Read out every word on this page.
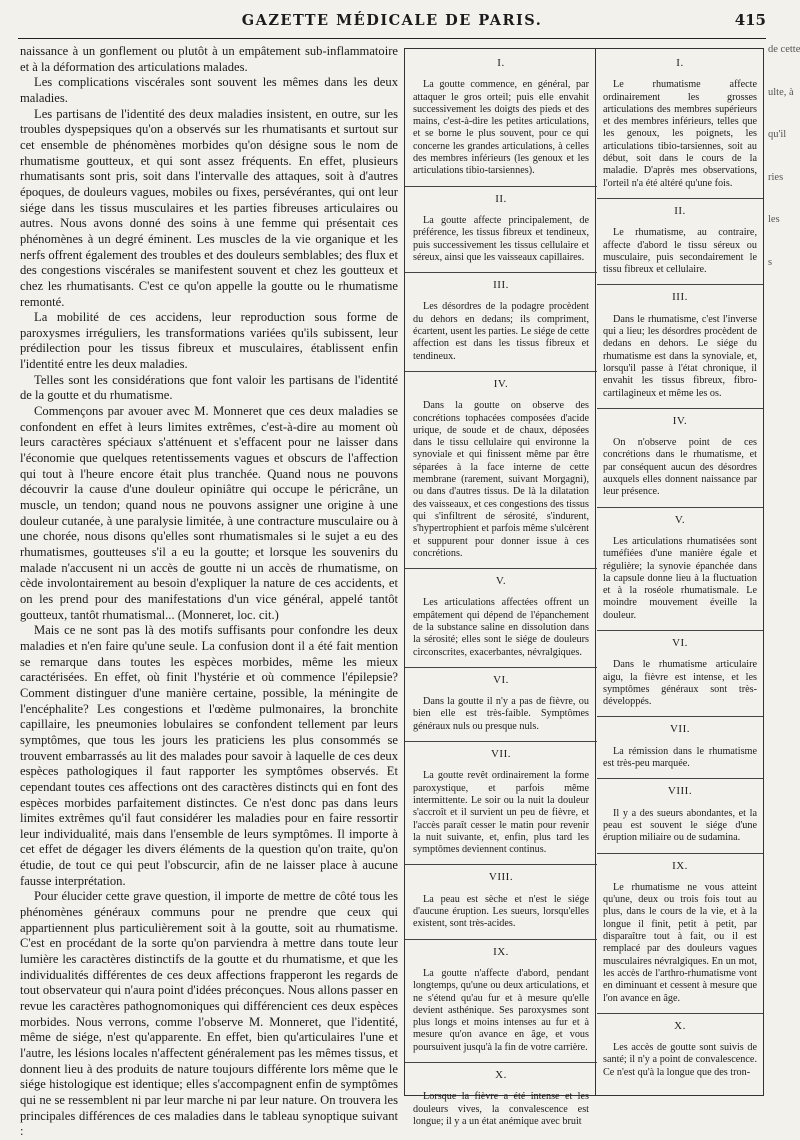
GAZETTE MÉDICALE DE PARIS.	415

naissance à un gonflement ou plutôt à un empâtement sub-inflammatoire et à la déformation des articulations malades.

Les complications viscérales sont souvent les mêmes dans les deux maladies.

Les partisans de l'identité des deux maladies insistent, en outre, sur les troubles dyspepsiques qu'on a observés sur les rhumatisants et surtout sur cet ensemble de phénomènes morbides qu'on désigne sous le nom de rhumatisme goutteux, et qui sont assez fréquents. En effet, plusieurs rhumatisants sont pris, soit dans l'intervalle des attaques, soit à d'autres époques, de douleurs vagues, mobiles ou fixes, persévérantes, qui ont leur siége dans les tissus musculaires et les parties fibreuses articulaires ou autres. Nous avons donné des soins à une femme qui présentait ces phénomènes à un degré éminent. Les muscles de la vie organique et les nerfs offrent également des troubles et des douleurs semblables; des flux et des congestions viscérales se manifestent souvent et chez les goutteux et chez les rhumatisants. C'est ce qu'on appelle la goutte ou le rhumatisme remonté.

La mobilité de ces accidens, leur reproduction sous forme de paroxysmes irréguliers, les transformations variées qu'ils subissent, leur prédilection pour les tissus fibreux et musculaires, établissent enfin l'identité entre les deux maladies.

Telles sont les considérations que font valoir les partisans de l'identité de la goutte et du rhumatisme.

Commençons par avouer avec M. Monneret que ces deux maladies se confondent en effet à leurs limites extrêmes, c'est-à-dire au moment où leurs caractères spéciaux s'atténuent et s'effacent pour ne laisser dans l'économie que quelques retentissements vagues et obscurs de l'affection qui tout à l'heure encore était plus tranchée. Quand nous ne pouvons découvrir la cause d'une douleur opiniâtre qui occupe le péricrâne, un muscle, un tendon; quand nous ne pouvons assigner une origine à une douleur cutanée, à une paralysie limitée, à une contracture musculaire ou à une chorée, nous disons qu'elles sont rhumatismales si le sujet a eu des rhumatismes, goutteuses s'il a eu la goutte; et lorsque les souvenirs du malade n'accusent ni un accès de goutte ni un accès de rhumatisme, on cède involontairement au besoin d'expliquer la nature de ces accidents, et on les prend pour des manifestations d'un vice général, appelé tantôt goutteux, tantôt rhumatismal... (Monneret, loc. cit.)

Mais ce ne sont pas là des motifs suffisants pour confondre les deux maladies et n'en faire qu'une seule. La confusion dont il a été fait mention se remarque dans toutes les espèces morbides, même les mieux caractérisées. En effet, où finit l'hystérie et où commence l'épilepsie? Comment distinguer d'une manière certaine, possible, la méningite de l'encéphalite? Les congestions et l'œdème pulmonaires, la bronchite capillaire, les pneumonies lobulaires se confondent tellement par leurs symptômes, que tous les jours les praticiens les plus consommés se trouvent embarrassés au lit des malades pour savoir à laquelle de ces deux espèces pathologiques il faut rapporter les symptômes observés. Et cependant toutes ces affections ont des caractères distincts qui en font des espèces morbides parfaitement distinctes. Ce n'est donc pas dans leurs limites extrêmes qu'il faut considérer les maladies pour en faire ressortir leur individualité, mais dans l'ensemble de leurs symptômes. Il importe à cet effet de dégager les divers éléments de la question qu'on traite, qu'on étudie, de tout ce qui peut l'obscurcir, afin de ne laisser place à aucune fausse interprétation.

Pour élucider cette grave question, il importe de mettre de côté tous les phénomènes généraux communs pour ne prendre que ceux qui appartiennent plus particulièrement soit à la goutte, soit au rhumatisme. C'est en procédant de la sorte qu'on parviendra à mettre dans toute leur lumière les caractères distinctifs de la goutte et du rhumatisme, et que les individualités différentes de ces deux affections frapperont les regards de tout observateur qui n'aura point d'idées préconçues. Nous allons passer en revue les caractères pathognomoniques qui différencient ces deux espèces morbides. Nous verrons, comme l'observe M. Monneret, que l'identité, même de siége, n'est qu'apparente. En effet, bien qu'articulaires l'une et l'autre, les lésions locales n'affectent généralement pas les mêmes tissus, et donnent lieu à des produits de nature toujours différente lors même que le siége histologique est identique; elles s'accompagnent enfin de symptômes qui ne se ressemblent ni par leur marche ni par leur nature. On trouvera les principales différences de ces maladies dans le tableau synoptique suivant :

I.

La goutte commence, en général, par attaquer le gros orteil; puis elle envahit successivement les doigts des pieds et des mains, c'est-à-dire les petites articulations, et se borne le plus souvent, pour ce qui concerne les grandes articulations, à celles des membres inférieurs (les genoux et les articulations tibio-tarsiennes).

II.

La goutte affecte principalement, de préférence, les tissus fibreux et tendineux, puis successivement les tissus cellulaire et séreux, ainsi que les vaisseaux capillaires.

III.

Les désordres de la podagre procèdent du dehors en dedans; ils compriment, écartent, usent les parties. Le siége de cette affection est dans les tissus fibreux et tendineux.

IV.

Dans la goutte on observe des concrétions tophacées composées d'acide urique, de soude et de chaux, déposées dans le tissu cellulaire qui environne la synoviale et qui finissent même par être séparées à la face interne de cette membrane (rarement, suivant Morgagni), ou dans d'autres tissus. De là la dilatation des vaisseaux, et ces congestions des tissus qui s'infiltrent de sérosité, s'indurent, s'hypertrophient et parfois même s'ulcèrent et suppurent pour donner issue à ces concrétions.

V.

Les articulations affectées offrent un empâtement qui dépend de l'épanchement de la substance saline en dissolution dans la sérosité; elles sont le siége de douleurs circonscrites, exacerbantes, névralgiques.

VI.

Dans la goutte il n'y a pas de fièvre, ou bien elle est très-faible. Symptômes généraux nuls ou presque nuls.

VII.

La goutte revêt ordinairement la forme paroxystique, et parfois même intermittente. Le soir ou la nuit la douleur s'accroît et il survient un peu de fièvre, et l'accès paraît cesser le matin pour revenir la nuit suivante, et, enfin, plus tard les symptômes deviennent continus.

VIII.

La peau est sèche et n'est le siége d'aucune éruption. Les sueurs, lorsqu'elles existent, sont très-acides.

IX.

La goutte n'affecte d'abord, pendant longtemps, qu'une ou deux articulations, et ne s'étend qu'au fur et à mesure qu'elle devient asthénique. Ses paroxysmes sont plus longs et moins intenses au fur et à mesure qu'on avance en âge, et vous poursuivent jusqu'à la fin de votre carrière.

X.

Lorsque la fièvre a été intense et les douleurs vives, la convalescence est longue; il y a un état anémique avec bruit

I.

Le rhumatisme affecte ordinairement les grosses articulations des membres supérieurs et des membres inférieurs, telles que les genoux, les poignets, les articulations tibio-tarsiennes, soit au début, soit dans le cours de la maladie. D'après mes observations, l'orteil n'a été altéré qu'une fois.

II.

Le rhumatisme, au contraire, affecte d'abord le tissu séreux ou musculaire, puis secondairement le tissu fibreux et cellulaire.

III.

Dans le rhumatisme, c'est l'inverse qui a lieu; les désordres procèdent de dedans en dehors. Le siége du rhumatisme est dans la synoviale, et, lorsqu'il passe à l'état chronique, il envahit les tissus fibreux, fibro-cartilagineux et même les os.

IV.

On n'observe point de ces concrétions dans le rhumatisme, et par conséquent aucun des désordres auxquels elles donnent naissance par leur présence.

V.

Les articulations rhumatisées sont tuméfiées d'une manière égale et régulière; la synovie épanchée dans la capsule donne lieu à la fluctuation et à la roséole rhumatismale. Le moindre mouvement éveille la douleur.

VI.

Dans le rhumatisme articulaire aigu, la fièvre est intense, et les symptômes généraux sont très-développés.

VII.

La rémission dans le rhumatisme est très-peu marquée.

VIII.

Il y a des sueurs abondantes, et la peau est souvent le siége d'une éruption miliaire ou de sudamina.

IX.

Le rhumatisme ne vous atteint qu'une, deux ou trois fois tout au plus, dans le cours de la vie, et à la longue il finit, petit à petit, par disparaître tout à fait, ou il est remplacé par des douleurs vagues musculaires névralgiques. En un mot, les accès de l'arthro-rhumatisme vont en diminuant et cessent à mesure que l'on avance en âge.

X.

Les accès de goutte sont suivis de santé; il n'y a point de convalescence. Ce n'est qu'à la longue que des tron-

de cette

ulte, à

qu'il

ries

les

s
